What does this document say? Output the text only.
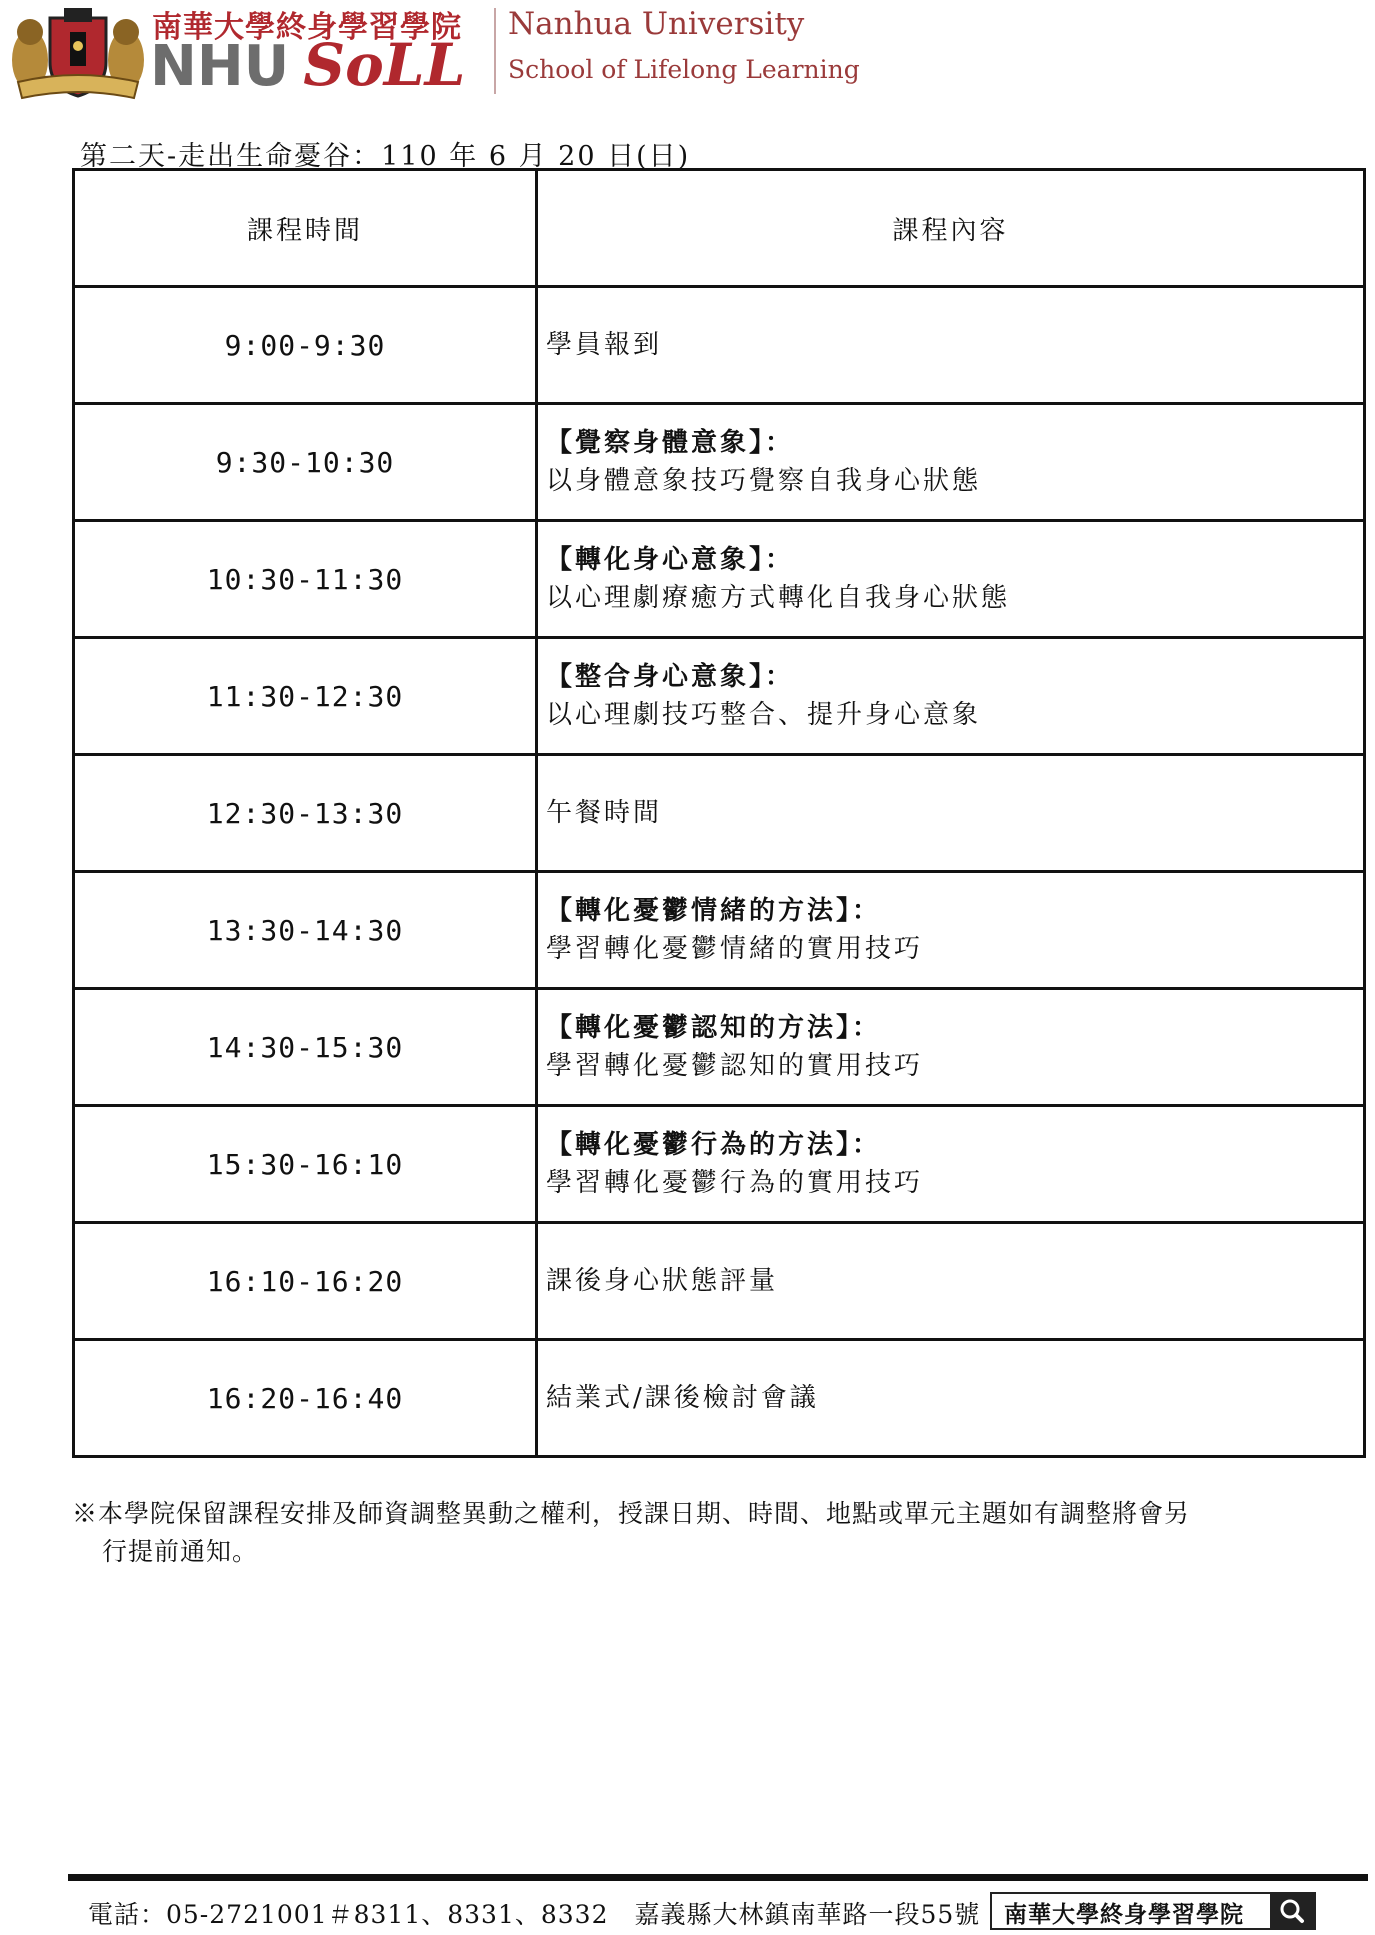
南華大學終身學習學院
NHU SoLL
Nanhua University
School of Lifelong Learning
第二天-走出生命憂谷：110 年 6 月 20 日(日)
課程時間	課程內容
9:00-9:30	學員報到

9:30-10:30	【覺察身體意象】：
以身體意象技巧覺察自我身心狀態

10:30-11:30	【轉化身心意象】：
以心理劇療癒方式轉化自我身心狀態

11:30-12:30	【整合身心意象】：
以心理劇技巧整合、提升身心意象

12:30-13:30	午餐時間

13:30-14:30	【轉化憂鬱情緒的方法】：
學習轉化憂鬱情緒的實用技巧

14:30-15:30	【轉化憂鬱認知的方法】：
學習轉化憂鬱認知的實用技巧

15:30-16:10	【轉化憂鬱行為的方法】：
學習轉化憂鬱行為的實用技巧

16:10-16:20	課後身心狀態評量

16:20-16:40	結業式/課後檢討會議
※本學院保留課程安排及師資調整異動之權利，授課日期、時間、地點或單元主題如有調整將會另
行提前通知。
電話：05-2721001＃8311、8331、8332 嘉義縣大林鎮南華路一段55號 南華大學終身學習學院
